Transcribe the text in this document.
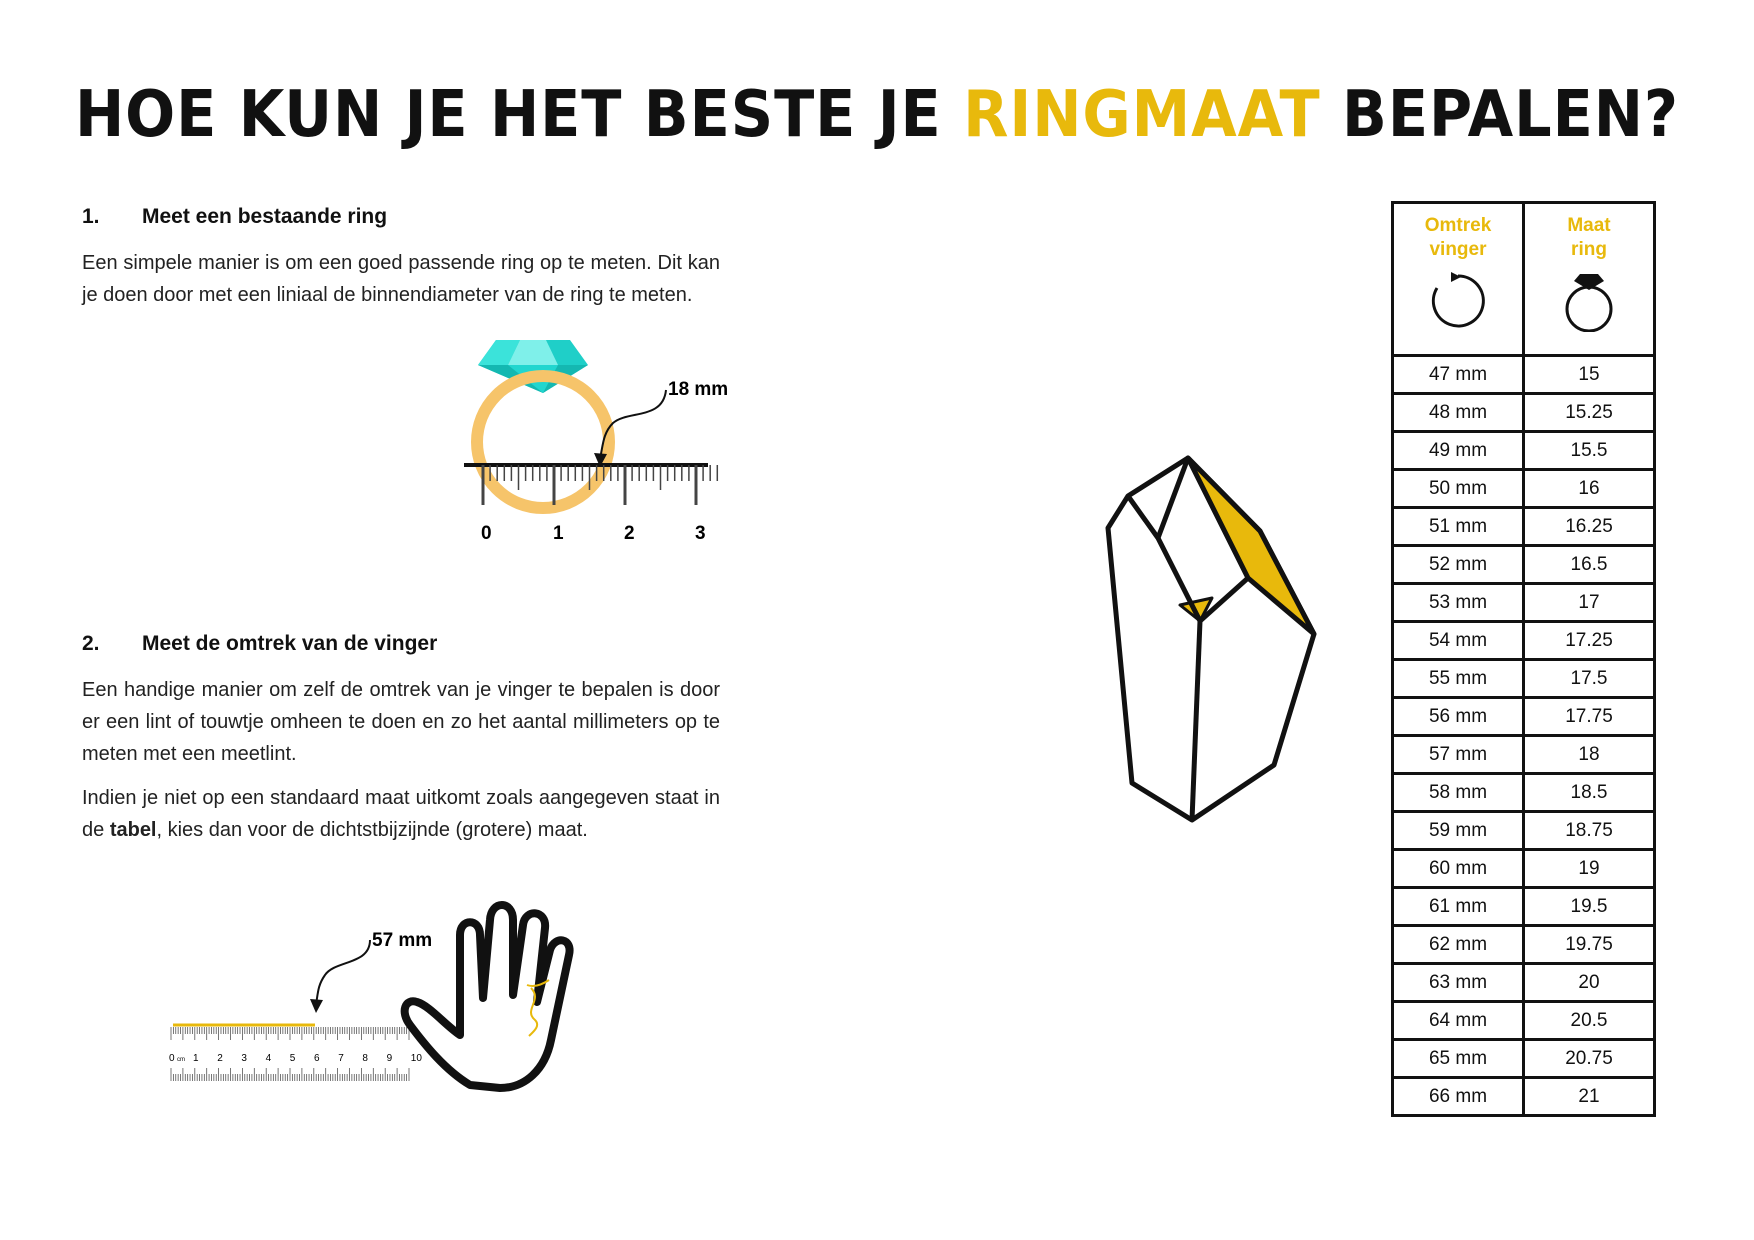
HOE KUN JE HET BESTE JE RINGMAAT BEPALEN?
1.	Meet een bestaande ring

Een simpele manier is om een goed passende ring op te meten. Dit kan je doen door met een liniaal de binnendiameter van de ring te meten.

18 mm
0	1	2	3
2.	Meet de omtrek van de vinger

Een handige manier om zelf de omtrek van je vinger te bepalen is door er een lint of touwtje omheen te doen en zo het aantal millimeters op te meten met een meetlint.

Indien je niet op een standaard maat uitkomt zoals aangegeven staat in de tabel, kies dan voor de dichtstbijzijnde (grotere) maat.

0 cm 1 2 3 4 5 6 7 8 9 10
57 mm
Omtrek vinger	Maat ring

47 mm	15
48 mm	15.25
49 mm	15.5
50 mm	16
51 mm	16.25
52 mm	16.5
53 mm	17
54 mm	17.25
55 mm	17.5
56 mm	17.75
57 mm	18
58 mm	18.5
59 mm	18.75
60 mm	19
61 mm	19.5
62 mm	19.75
63 mm	20
64 mm	20.5
65 mm	20.75
66 mm	21
